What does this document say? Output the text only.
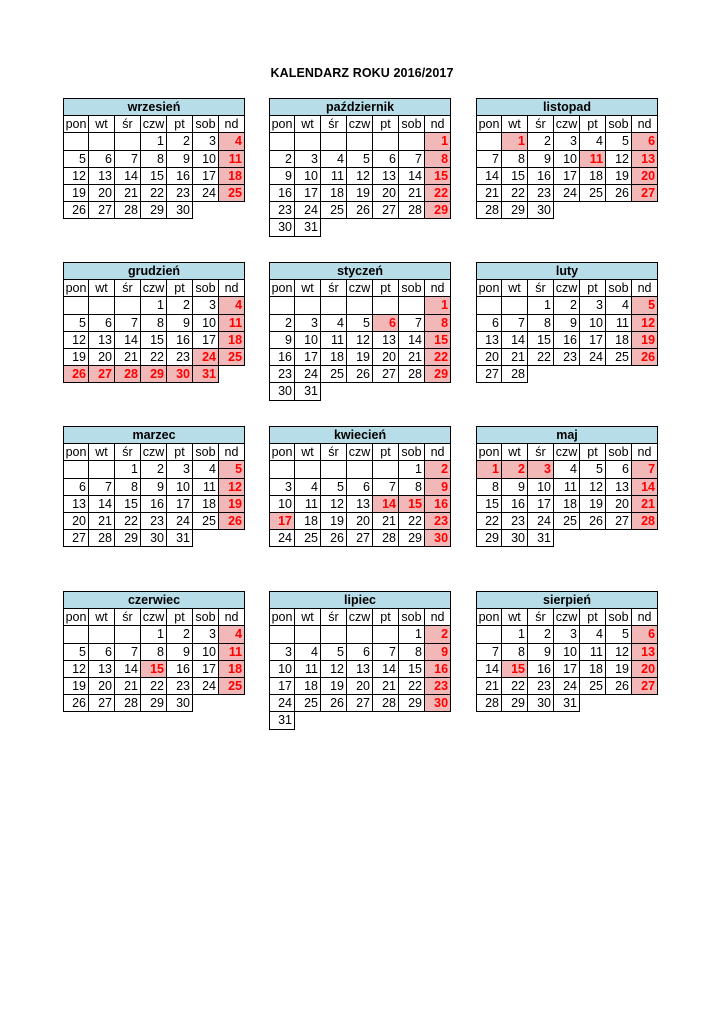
KALENDARZ ROKU 2016/2017
wrzesień						
pon	wt	śr	czw	pt	sob	nd
			1	2	3	4
5	6	7	8	9	10	11
12	13	14	15	16	17	18
19	20	21	22	23	24	25
26	27	28	29	30		
październik						
pon	wt	śr	czw	pt	sob	nd
						1
2	3	4	5	6	7	8
9	10	11	12	13	14	15
16	17	18	19	20	21	22
23	24	25	26	27	28	29
30	31					
listopad						
pon	wt	śr	czw	pt	sob	nd
	1	2	3	4	5	6
7	8	9	10	11	12	13
14	15	16	17	18	19	20
21	22	23	24	25	26	27
28	29	30				
grudzień						
pon	wt	śr	czw	pt	sob	nd
			1	2	3	4
5	6	7	8	9	10	11
12	13	14	15	16	17	18
19	20	21	22	23	24	25
26	27	28	29	30	31	
styczeń						
pon	wt	śr	czw	pt	sob	nd
						1
2	3	4	5	6	7	8
9	10	11	12	13	14	15
16	17	18	19	20	21	22
23	24	25	26	27	28	29
30	31					
luty						
pon	wt	śr	czw	pt	sob	nd
		1	2	3	4	5
6	7	8	9	10	11	12
13	14	15	16	17	18	19
20	21	22	23	24	25	26
27	28					
marzec						
pon	wt	śr	czw	pt	sob	nd
		1	2	3	4	5
6	7	8	9	10	11	12
13	14	15	16	17	18	19
20	21	22	23	24	25	26
27	28	29	30	31		
kwiecień						
pon	wt	śr	czw	pt	sob	nd
					1	2
3	4	5	6	7	8	9
10	11	12	13	14	15	16
17	18	19	20	21	22	23
24	25	26	27	28	29	30
maj						
pon	wt	śr	czw	pt	sob	nd
1	2	3	4	5	6	7
8	9	10	11	12	13	14
15	16	17	18	19	20	21
22	23	24	25	26	27	28
29	30	31				
czerwiec						
pon	wt	śr	czw	pt	sob	nd
			1	2	3	4
5	6	7	8	9	10	11
12	13	14	15	16	17	18
19	20	21	22	23	24	25
26	27	28	29	30		
lipiec						
pon	wt	śr	czw	pt	sob	nd
					1	2
3	4	5	6	7	8	9
10	11	12	13	14	15	16
17	18	19	20	21	22	23
24	25	26	27	28	29	30
31						
sierpień						
pon	wt	śr	czw	pt	sob	nd
	1	2	3	4	5	6
7	8	9	10	11	12	13
14	15	16	17	18	19	20
21	22	23	24	25	26	27
28	29	30	31			
